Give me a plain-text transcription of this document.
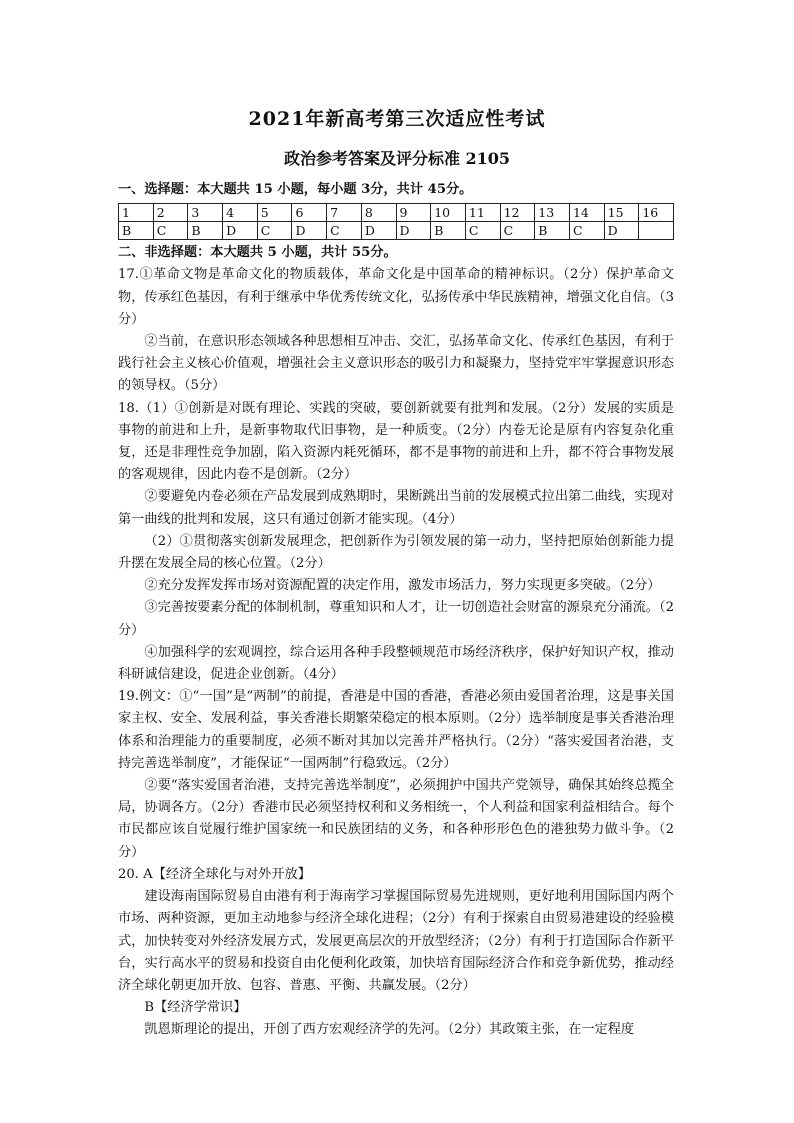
2021年新高考第三次适应性考试
政治参考答案及评分标准 2105
一、选择题：本大题共 15 小题，每小题 3分，共计 45分。
1	2	3	4	5	6	7	8	9	10	11	12	13	14	15	16
B	C	B	D	C	D	C	D	D	B	C	C	B	C	D	
二、非选择题：本大题共 5 小题，共计 55分。

17.①革命文物是革命文化的物质载体，革命文化是中国革命的精神标识。（2分）保护革命文物，传承红色基因，有利于继承中华优秀传统文化，弘扬传承中华民族精神，增强文化自信。（3分）

②当前，在意识形态领域各种思想相互冲击、交汇，弘扬革命文化、传承红色基因，有利于践行社会主义核心价值观，增强社会主义意识形态的吸引力和凝聚力，坚持党牢牢掌握意识形态的领导权。（5分）

18.（1）①创新是对既有理论、实践的突破，要创新就要有批判和发展。（2分）发展的实质是事物的前进和上升，是新事物取代旧事物，是一种质变。（2分）内卷无论是原有内容复杂化重复，还是非理性竞争加剧，陷入资源内耗死循环，都不是事物的前进和上升，都不符合事物发展的客观规律，因此内卷不是创新。（2分）

②要避免内卷必须在产品发展到成熟期时，果断跳出当前的发展模式拉出第二曲线，实现对第一曲线的批判和发展，这只有通过创新才能实现。（4分）

（2）①贯彻落实创新发展理念，把创新作为引领发展的第一动力，坚持把原始创新能力提升摆在发展全局的核心位置。（2分）

②充分发挥发挥市场对资源配置的决定作用，激发市场活力，努力实现更多突破。（2分）

③完善按要素分配的体制机制，尊重知识和人才，让一切创造社会财富的源泉充分涌流。（2分）

④加强科学的宏观调控，综合运用各种手段整顿规范市场经济秩序，保护好知识产权，推动科研诚信建设，促进企业创新。（4分）

19.例文：①“一国”是“两制”的前提，香港是中国的香港，香港必须由爱国者治理，这是事关国家主权、安全、发展利益，事关香港长期繁荣稳定的根本原则。（2分）选举制度是事关香港治理体系和治理能力的重要制度，必须不断对其加以完善并严格执行。（2分）“落实爱国者治港，支持完善选举制度”，才能保证“一国两制”行稳致远。（2分）

②要“落实爱国者治港，支持完善选举制度”，必须拥护中国共产党领导，确保其始终总揽全局，协调各方。（2分）香港市民必须坚持权利和义务相统一，个人利益和国家利益相结合。每个市民都应该自觉履行维护国家统一和民族团结的义务，和各种形形色色的港独势力做斗争。（2分）

20. A【经济全球化与对外开放】

建设海南国际贸易自由港有利于海南学习掌握国际贸易先进规则，更好地利用国际国内两个市场、两种资源，更加主动地参与经济全球化进程；（2分）有利于探索自由贸易港建设的经验模式，加快转变对外经济发展方式，发展更高层次的开放型经济；（2分）有利于打造国际合作新平台，实行高水平的贸易和投资自由化便利化政策，加快培育国际经济合作和竞争新优势，推动经济全球化朝更加开放、包容、普惠、平衡、共赢发展。（2分）

B【经济学常识】

凯恩斯理论的提出，开创了西方宏观经济学的先河。（2分）其政策主张，在一定程度
